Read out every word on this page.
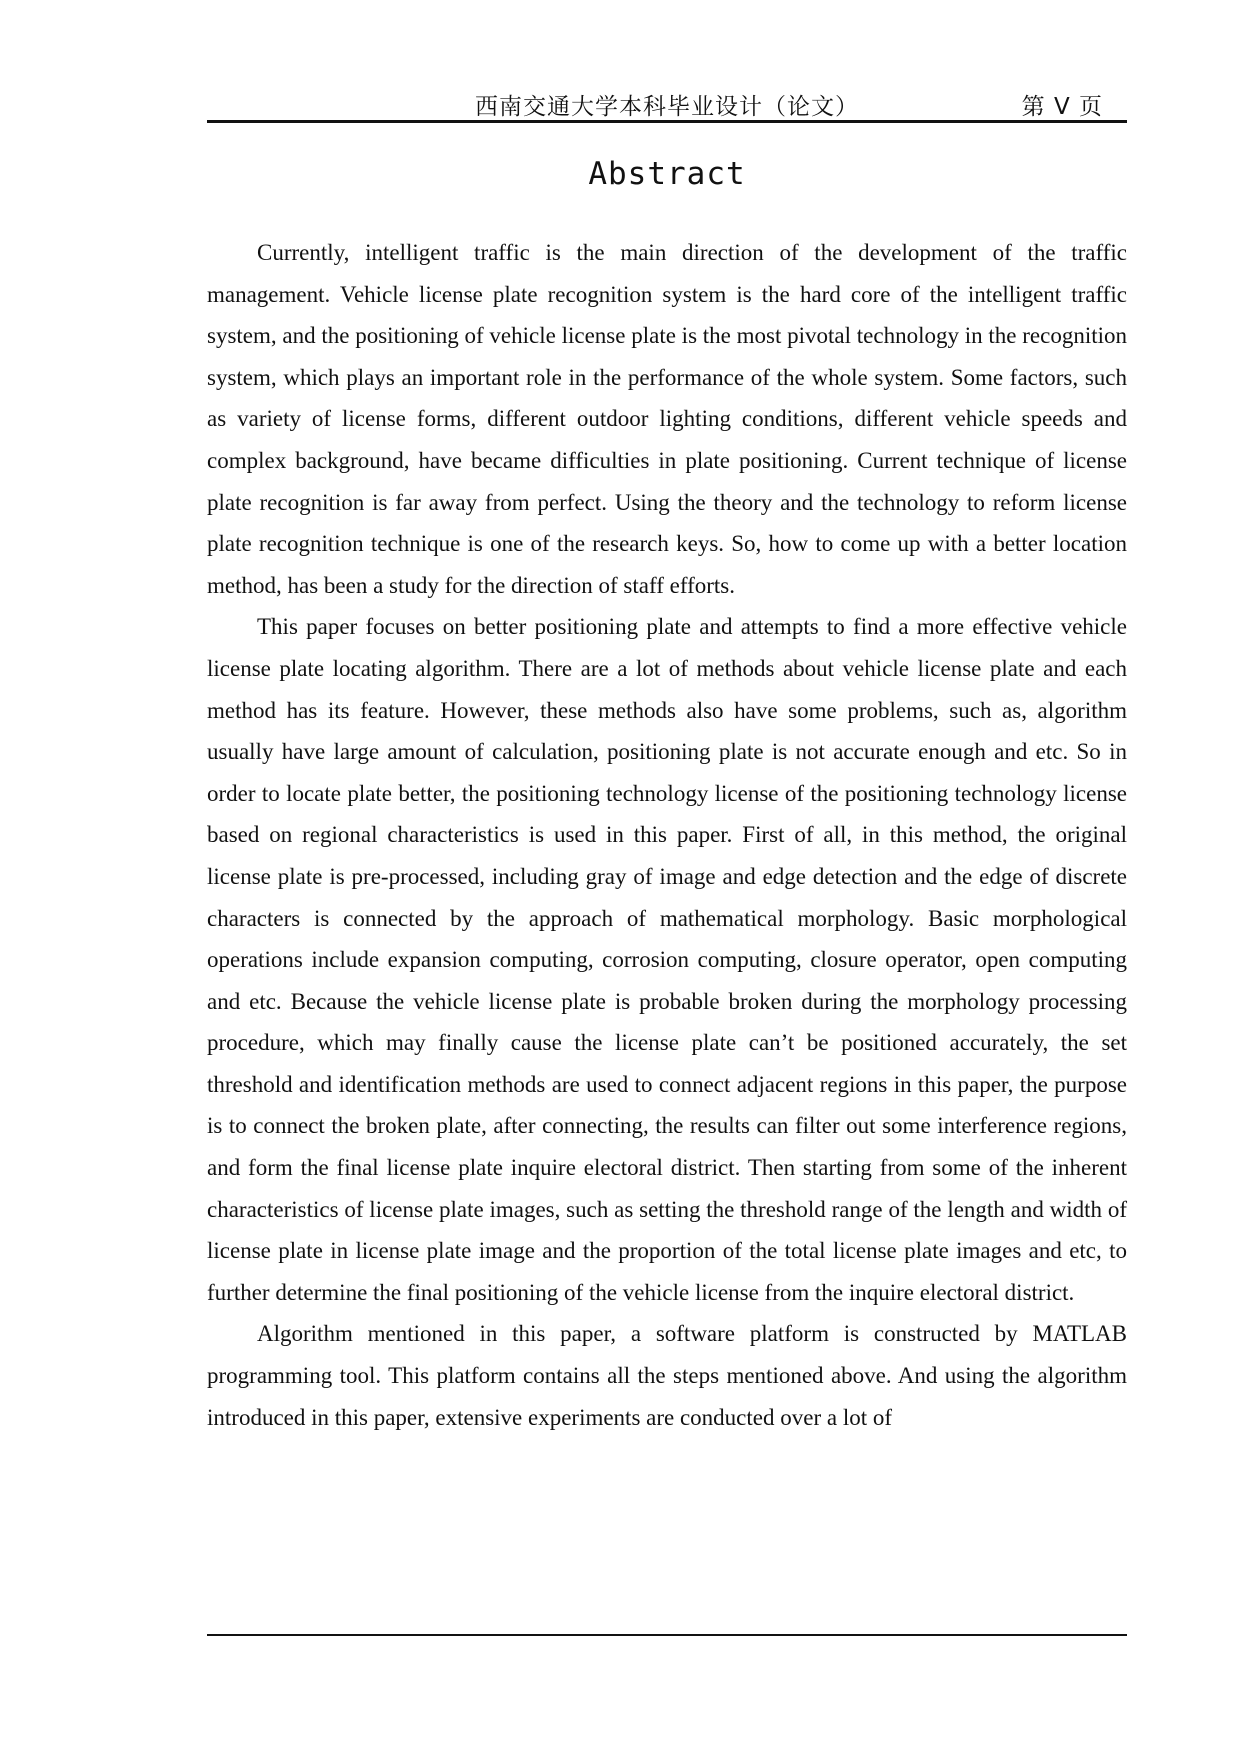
西南交通大学本科毕业设计（论文）	第 V 页
Abstract

Currently, intelligent traffic is the main direction of the development of the traffic management. Vehicle license plate recognition system is the hard core of the intelligent traffic system, and the positioning of vehicle license plate is the most pivotal technology in the recognition system, which plays an important role in the performance of the whole system. Some factors, such as variety of license forms, different outdoor lighting conditions, different vehicle speeds and complex background, have became difficulties in plate positioning. Current technique of license plate recognition is far away from perfect. Using the theory and the technology to reform license plate recognition technique is one of the research keys. So, how to come up with a better location method, has been a study for the direction of staff efforts.

This paper focuses on better positioning plate and attempts to find a more effective vehicle license plate locating algorithm. There are a lot of methods about vehicle license plate and each method has its feature. However, these methods also have some problems, such as, algorithm usually have large amount of calculation, positioning plate is not accurate enough and etc. So in order to locate plate better, the positioning technology license of the positioning technology license based on regional characteristics is used in this paper. First of all, in this method, the original license plate is pre-processed, including gray of image and edge detection and the edge of discrete characters is connected by the approach of mathematical morphology. Basic morphological operations include expansion computing, corrosion computing, closure operator, open computing and etc. Because the vehicle license plate is probable broken during the morphology processing procedure, which may finally cause the license plate can’t be positioned accurately, the set threshold and identification methods are used to connect adjacent regions in this paper, the purpose is to connect the broken plate, after connecting, the results can filter out some interference regions, and form the final license plate inquire electoral district. Then starting from some of the inherent characteristics of license plate images, such as setting the threshold range of the length and width of license plate in license plate image and the proportion of the total license plate images and etc, to further determine the final positioning of the vehicle license from the inquire electoral district.

Algorithm mentioned in this paper, a software platform is constructed by MATLAB programming tool. This platform contains all the steps mentioned above. And using the algorithm introduced in this paper, extensive experiments are conducted over a lot of
